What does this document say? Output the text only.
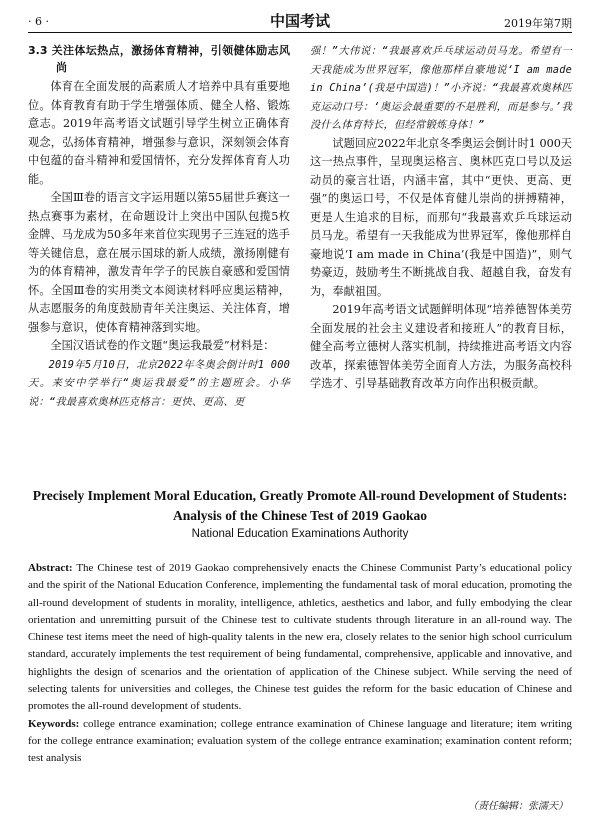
· 6 ·	中国考试	2019年第7期
3.3 关注体坛热点，激扬体育精神，引领健体励志风尚

体育在全面发展的高素质人才培养中具有重要地位。体育教育有助于学生增强体质、健全人格、锻炼意志。2019年高考语文试题引导学生树立正确体育观念，弘扬体育精神，增强参与意识，深刻领会体育中包蕴的奋斗精神和爱国情怀，充分发挥体育育人功能。

全国Ⅲ卷的语言文字运用题以第55届世乒赛这一热点赛事为素材，在命题设计上突出中国队包揽5枚金牌、马龙成为50多年来首位实现男子三连冠的选手等关键信息，意在展示国球的新人成绩，激扬刚健有为的体育精神，激发青年学子的民族自豪感和爱国情怀。全国Ⅲ卷的实用类文本阅读材料呼应奥运精神，从志愿服务的角度鼓励青年关注奥运、关注体育，增强参与意识，使体育精神落到实地。

全国汉语试卷的作文题“奥运我最爱”材料是：

2019年5月10日，北京2022年冬奥会倒计时1 000天。来安中学举行“奥运我最爱”的主题班会。小华说：“我最喜欢奥林匹克格言：更快、更高、更

强！”大伟说：“我最喜欢乒乓球运动员马龙。希望有一天我能成为世界冠军，像他那样自豪地说‘I am made in China’(我是中国造)！”小齐说：“我最喜欢奥林匹克运动口号：‘奥运会最重要的不是胜利，而是参与。’我没什么体育特长，但经常锻炼身体！”

试题回应2022年北京冬季奥运会倒计时1 000天这一热点事件，呈现奥运格言、奥林匹克口号以及运动员的豪言壮语，内涵丰富，其中“更快、更高、更强”的奥运口号，不仅是体育健儿崇尚的拼搏精神，更是人生追求的目标，而那句“我最喜欢乒乓球运动员马龙。希望有一天我能成为世界冠军，像他那样自豪地说‘I am made in China’(我是中国造)”，则气势豪迈，鼓励考生不断挑战自我、超越自我，奋发有为，奉献祖国。

2019年高考语文试题鲜明体现“培养德智体美劳全面发展的社会主义建设者和接班人”的教育目标，健全高考立德树人落实机制，持续推进高考语文内容改革，探索德智体美劳全面育人方法，为服务高校科学选才、引导基础教育改革方向作出积极贡献。

Precisely Implement Moral Education, Greatly Promote All-round Development of Students: Analysis of the Chinese Test of 2019 Gaokao
National Education Examinations Authority

Abstract: The Chinese test of 2019 Gaokao comprehensively enacts the Chinese Communist Party’s educational policy and the spirit of the National Education Conference, implementing the fundamental task of moral education, promoting the all-round development of students in morality, intelligence, athletics, aesthetics and labor, and fully embodying the clear orientation and unremitting pursuit of the Chinese test to cultivate students through literature in an all-round way. The Chinese test items meet the need of high-quality talents in the new era, closely relates to the senior high school curriculum standard, accurately implements the test requirement of being fundamental, comprehensive, applicable and innovative, and highlights the design of scenarios and the orientation of application of the Chinese subject. While serving the need of selecting talents for universities and colleges, the Chinese test guides the reform for the basic education of Chinese and promotes the all-round development of students.

Keywords: college entrance examination; college entrance examination of Chinese language and literature; item writing for the college entrance examination; evaluation system of the college entrance examination; examination content reform; test analysis

（责任编辑：张濡天）
